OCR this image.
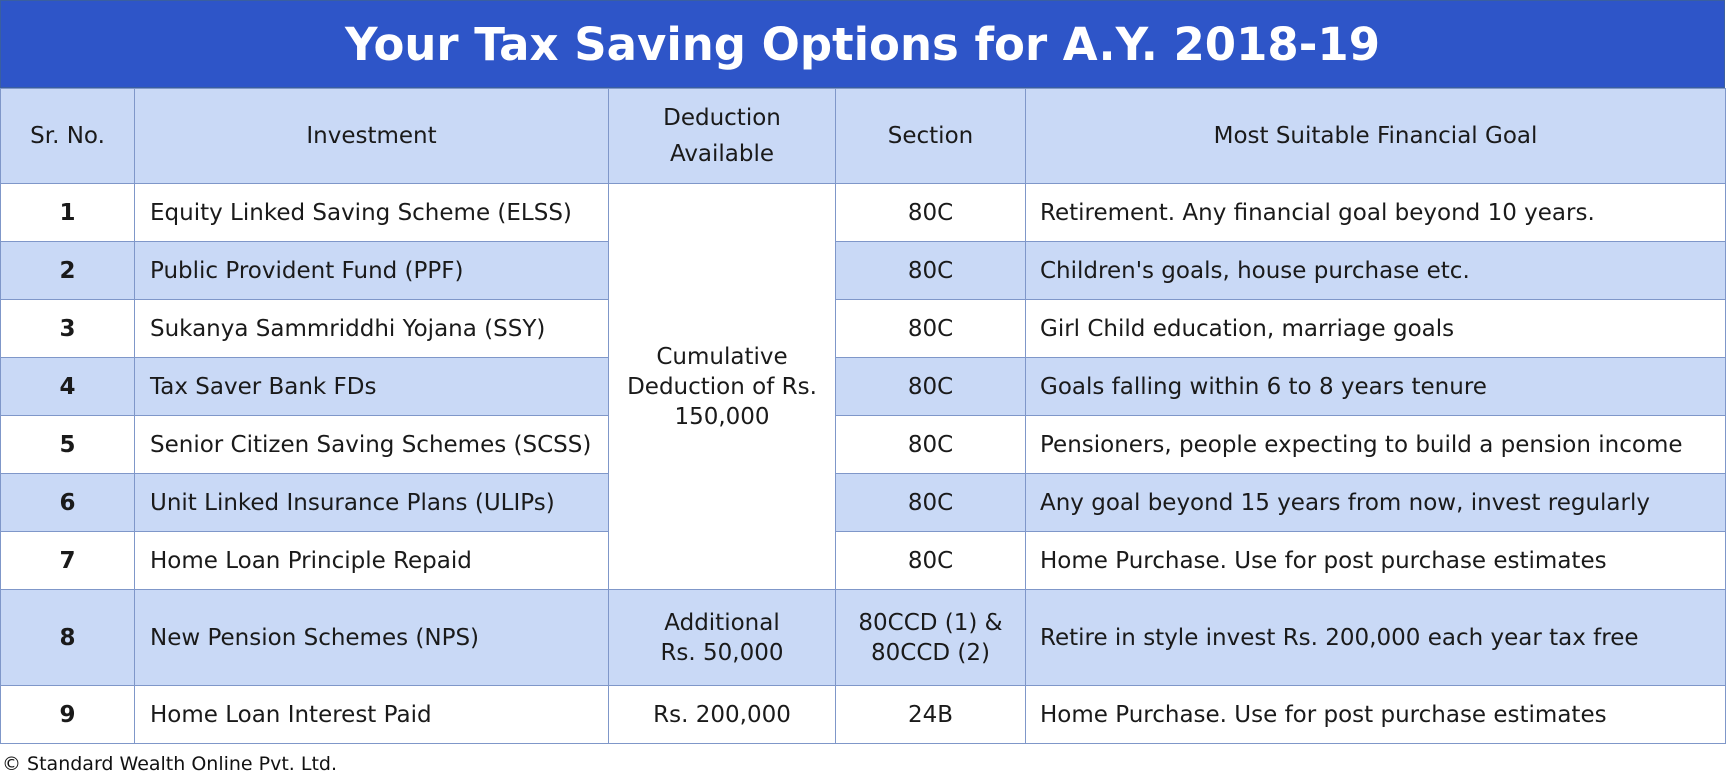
Your Tax Saving Options for A.Y. 2018-19
Sr. No.	Investment	Deduction Available	Section	Most Suitable Financial Goal
1	Equity Linked Saving Scheme (ELSS)	Cumulative Deduction of Rs. 150,000	80C	Retirement. Any financial goal beyond 10 years.
2	Public Provident Fund (PPF)		80C	Children's goals, house purchase etc.
3	Sukanya Sammriddhi Yojana (SSY)		80C	Girl Child education, marriage goals
4	Tax Saver Bank FDs		80C	Goals falling within 6 to 8 years tenure
5	Senior Citizen Saving Schemes (SCSS)		80C	Pensioners, people expecting to build a pension income
6	Unit Linked Insurance Plans (ULIPs)		80C	Any goal beyond 15 years from now, invest regularly
7	Home Loan Principle Repaid		80C	Home Purchase. Use for post purchase estimates
8	New Pension Schemes (NPS)	Additional Rs. 50,000	80CCD (1) & 80CCD (2)	Retire in style invest Rs. 200,000 each year tax free
9	Home Loan Interest Paid	Rs. 200,000	24B	Home Purchase. Use for post purchase estimates
© Standard Wealth Online Pvt. Ltd.
